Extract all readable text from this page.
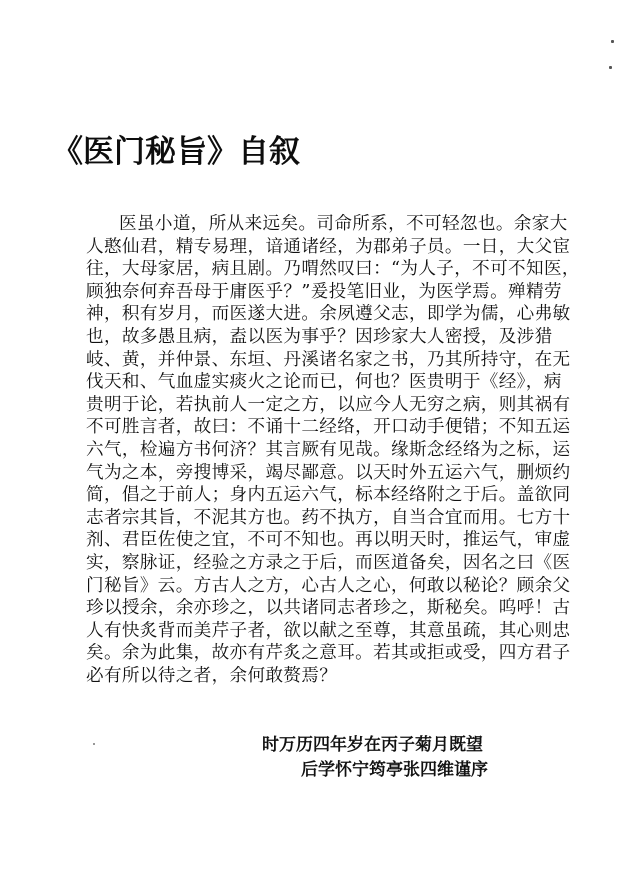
《医门秘旨》自叙
医虽小道，所从来远矣。司命所系，不可轻忽也。余家大
人憨仙君，精专易理，谙通诸经，为郡弟子员。一日，大父宦
往，大母家居，病且剧。乃喟然叹曰：“为人子，不可不知医，
顾独奈何弃吾母于庸医乎？”爰投笔旧业，为医学焉。殚精劳
神，积有岁月，而医遂大进。余夙遵父志，即学为儒，心弗敏
也，故多愚且病，盍以医为事乎？因珍家大人密授，及涉猎
岐、黄，并仲景、东垣、丹溪诸名家之书，乃其所持守，在无
伐天和、气血虚实痰火之论而已，何也？医贵明于《经》，病
贵明于论，若执前人一定之方，以应今人无穷之病，则其祸有
不可胜言者，故曰：不诵十二经络，开口动手便错；不知五运
六气，检遍方书何济？其言厥有见哉。缘斯念经络为之标，运
气为之本，旁搜博采，竭尽鄙意。以天时外五运六气，删烦约
简，倡之于前人；身内五运六气，标本经络附之于后。盖欲同
志者宗其旨，不泥其方也。药不执方，自当合宜而用。七方十
剂、君臣佐使之宜，不可不知也。再以明天时，推运气，审虚
实，察脉证，经验之方录之于后，而医道备矣，因名之曰《医
门秘旨》云。方古人之方，心古人之心，何敢以秘论？顾余父
珍以授余，余亦珍之，以共诸同志者珍之，斯秘矣。呜呼！古
人有快炙背而美芹子者，欲以献之至尊，其意虽疏，其心则忠
矣。余为此集，故亦有芹炙之意耳。若其或拒或受，四方君子
必有所以待之者，余何敢赘焉？
时万历四年岁在丙子菊月既望
后学怀宁筠亭张四维谨序
